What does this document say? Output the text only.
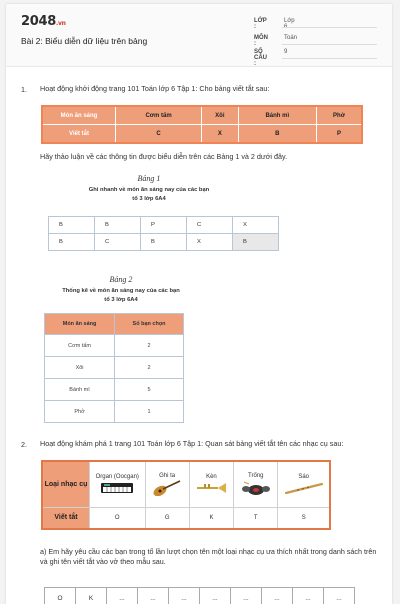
2048.vn
Bài 2: Biểu diễn dữ liệu trên bảng
LỚP :
Lớp 6
MÔN :
Toán
SỐ CÂU :
9
1. Hoạt động khởi động trang 101 Toán lớp 6 Tập 1: Cho bảng viết tắt sau:
Món ăn sáng	Cơm tấm	Xôi	Bánh mì	Phở
Viết tắt	C	X	B	P
Hãy thảo luận về các thông tin được biểu diễn trên các Bảng 1 và 2 dưới đây.
Bảng 1
Ghi nhanh về món ăn sáng nay của các bạn
tổ 3 lớp 6A4
B	B	P	C	X
B	C	B	X	B
Bảng 2
Thống kê về món ăn sáng nay của các bạn
tổ 3 lớp 6A4
Món ăn sáng	Số bạn chọn
Cơm tấm	2
Xôi	2
Bánh mì	5
Phở	1
2. Hoạt động khám phá 1 trang 101 Toán lớp 6 Tập 1: Quan sát bảng viết tắt tên các nhạc cụ sau:
Loại nhạc cụ	Organ (Oocgan)	Ghi ta	Kèn	Trống	Sáo

Viết tắt	O	G	K	T	S
a) Em hãy yêu cầu các bạn trong tổ lần lượt chọn tên một loại nhạc cụ ưa thích nhất trong danh sách trên và ghi tên viết tắt vào vở theo mẫu sau.
O	K	...	...	...	...	...	...	...	...
